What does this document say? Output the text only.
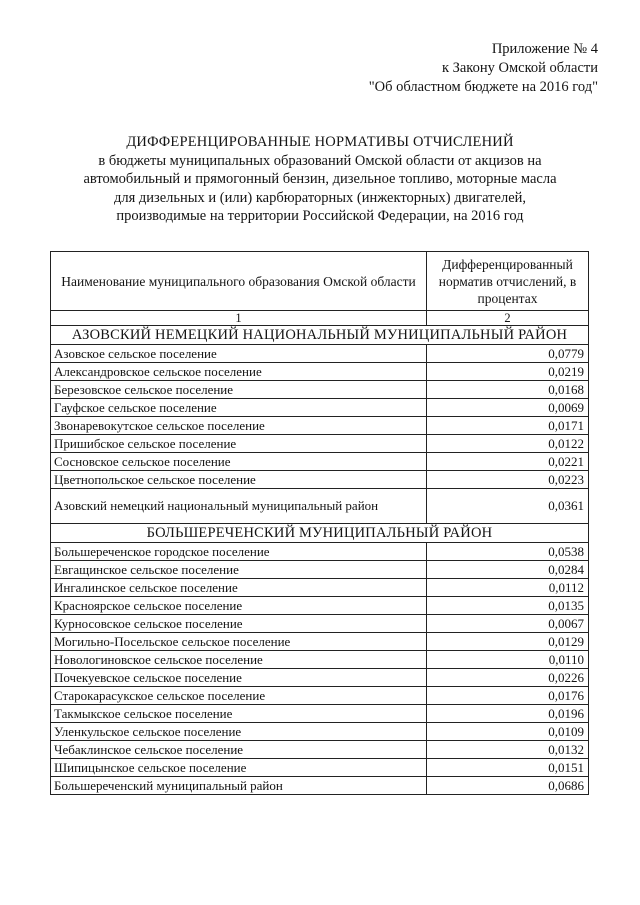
Приложение № 4
к Закону Омской области
"Об областном бюджете на 2016 год"
ДИФФЕРЕНЦИРОВАННЫЕ НОРМАТИВЫ ОТЧИСЛЕНИЙ
в бюджеты муниципальных образований Омской области от акцизов на
автомобильный и прямогонный бензин, дизельное топливо, моторные масла
для дизельных и (или) карбюраторных (инжекторных) двигателей,
производимые на территории Российской Федерации, на 2016 год
Наименование муниципального образования Омской области	Дифференцированный норматив отчислений, в процентах
1	2
АЗОВСКИЙ НЕМЕЦКИЙ НАЦИОНАЛЬНЫЙ МУНИЦИПАЛЬНЫЙ РАЙОН	
Азовское сельское поселение	0,0779
Александровское сельское поселение	0,0219
Березовское сельское поселение	0,0168
Гауфское сельское поселение	0,0069
Звонаревокутское сельское поселение	0,0171
Пришибское сельское поселение	0,0122
Сосновское сельское поселение	0,0221
Цветнопольское сельское поселение	0,0223
Азовский немецкий национальный муниципальный район	0,0361
БОЛЬШЕРЕЧЕНСКИЙ МУНИЦИПАЛЬНЫЙ РАЙОН	
Большереченское городское поселение	0,0538
Евгащинское сельское поселение	0,0284
Ингалинское сельское поселение	0,0112
Красноярское сельское поселение	0,0135
Курносовское сельское поселение	0,0067
Могильно-Посельское сельское поселение	0,0129
Новологиновское сельское поселение	0,0110
Почекуевское сельское поселение	0,0226
Старокарасукское сельское поселение	0,0176
Такмыкское сельское поселение	0,0196
Уленкульское сельское поселение	0,0109
Чебаклинское сельское поселение	0,0132
Шипицынское сельское поселение	0,0151
Большереченский муниципальный район	0,0686
